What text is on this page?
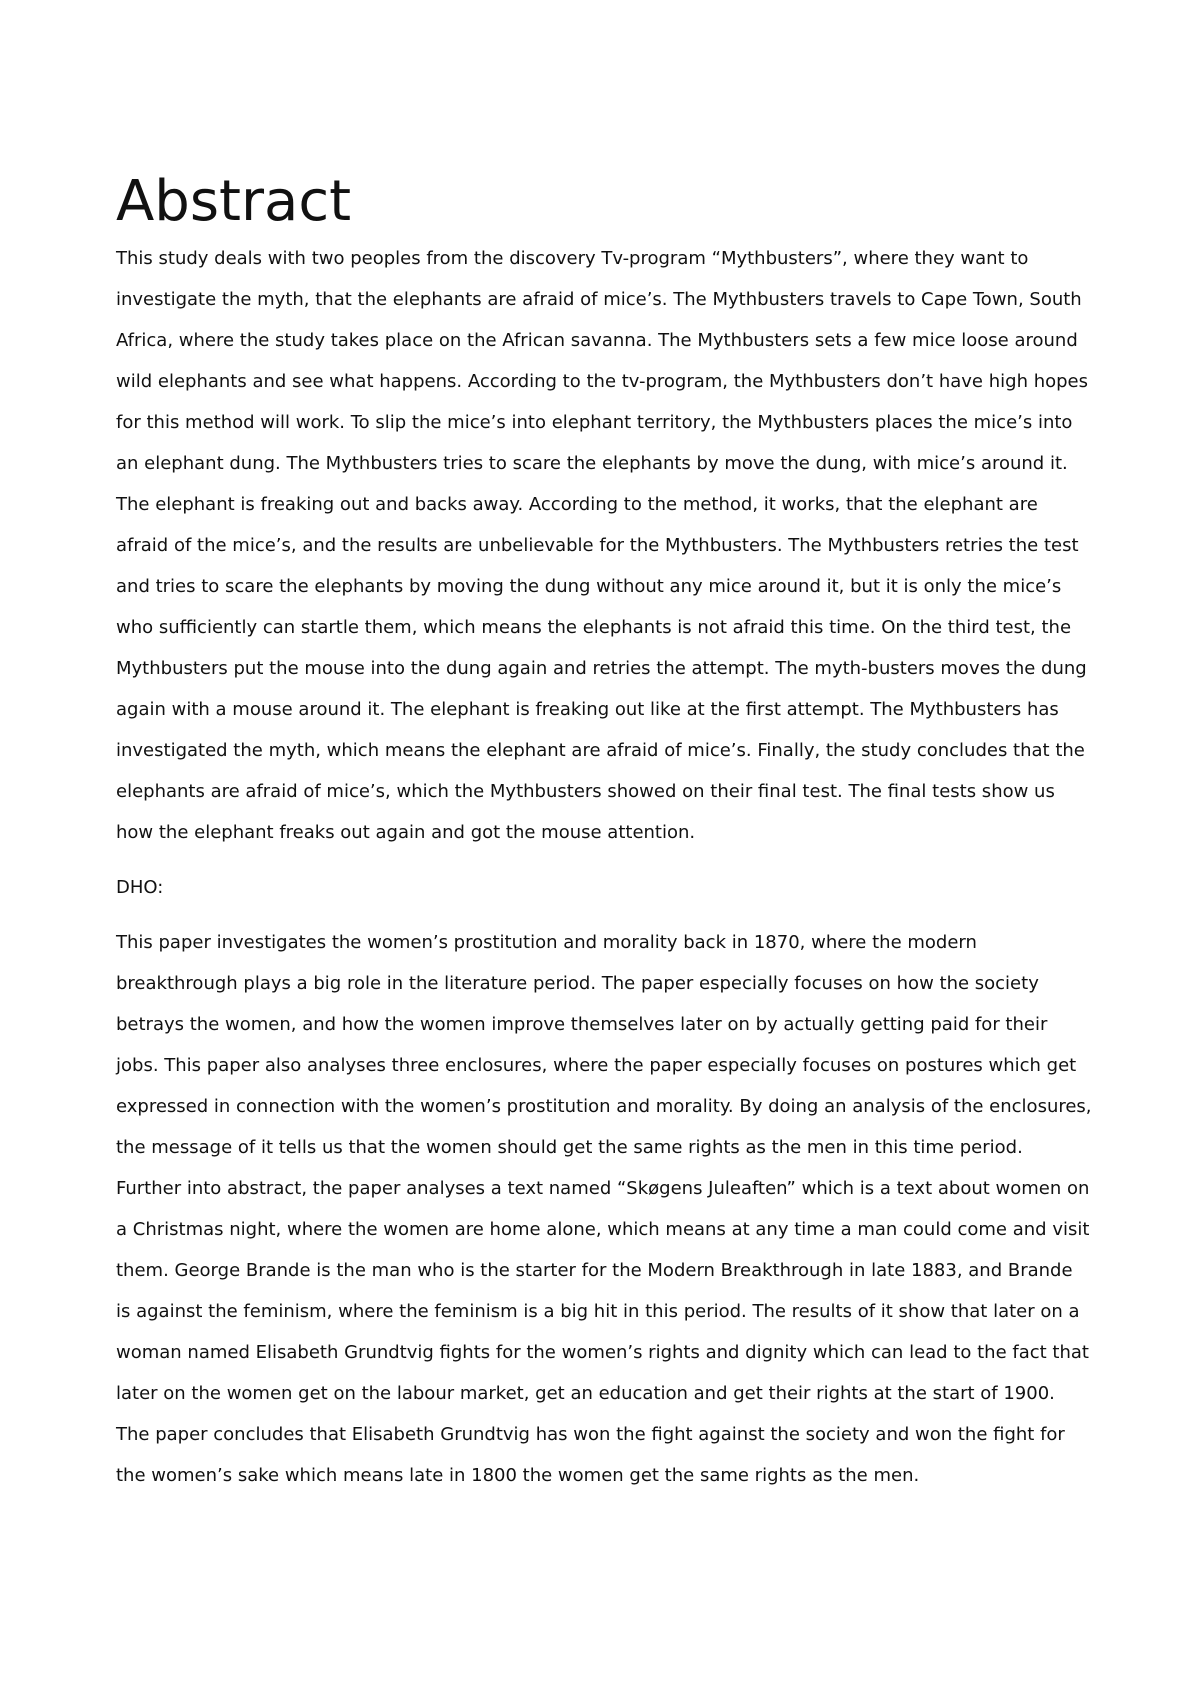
Abstract

This study deals with two peoples from the discovery Tv-program “Mythbusters”, where they want to investigate the myth, that the elephants are afraid of mice’s. The Mythbusters travels to Cape Town, South Africa, where the study takes place on the African savanna. The Mythbusters sets a few mice loose around wild elephants and see what happens. According to the tv-program, the Mythbusters don’t have high hopes for this method will work. To slip the mice’s into elephant territory, the Mythbusters places the mice’s into an elephant dung. The Mythbusters tries to scare the elephants by move the dung, with mice’s around it. The elephant is freaking out and backs away. According to the method, it works, that the elephant are afraid of the mice’s, and the results are unbelievable for the Mythbusters. The Mythbusters retries the test and tries to scare the elephants by moving the dung without any mice around it, but it is only the mice’s who sufficiently can startle them, which means the elephants is not afraid this time. On the third test, the Mythbusters put the mouse into the dung again and retries the attempt. The myth-busters moves the dung again with a mouse around it. The elephant is freaking out like at the first attempt. The Mythbusters has investigated the myth, which means the elephant are afraid of mice’s. Finally, the study concludes that the elephants are afraid of mice’s, which the Mythbusters showed on their final test. The final tests show us how the elephant freaks out again and got the mouse attention.

DHO:

This paper investigates the women’s prostitution and morality back in 1870, where the modern breakthrough plays a big role in the literature period. The paper especially focuses on how the society betrays the women, and how the women improve themselves later on by actually getting paid for their jobs. This paper also analyses three enclosures, where the paper especially focuses on postures which get expressed in connection with the women’s prostitution and morality. By doing an analysis of the enclosures, the message of it tells us that the women should get the same rights as the men in this time period. Further into abstract, the paper analyses a text named “Skøgens Juleaften” which is a text about women on a Christmas night, where the women are home alone, which means at any time a man could come and visit them. George Brande is the man who is the starter for the Modern Breakthrough in late 1883, and Brande is against the feminism, where the feminism is a big hit in this period. The results of it show that later on a woman named Elisabeth Grundtvig fights for the women’s rights and dignity which can lead to the fact that later on the women get on the labour market, get an education and get their rights at the start of 1900. The paper concludes that Elisabeth Grundtvig has won the fight against the society and won the fight for the women’s sake which means late in 1800 the women get the same rights as the men.
